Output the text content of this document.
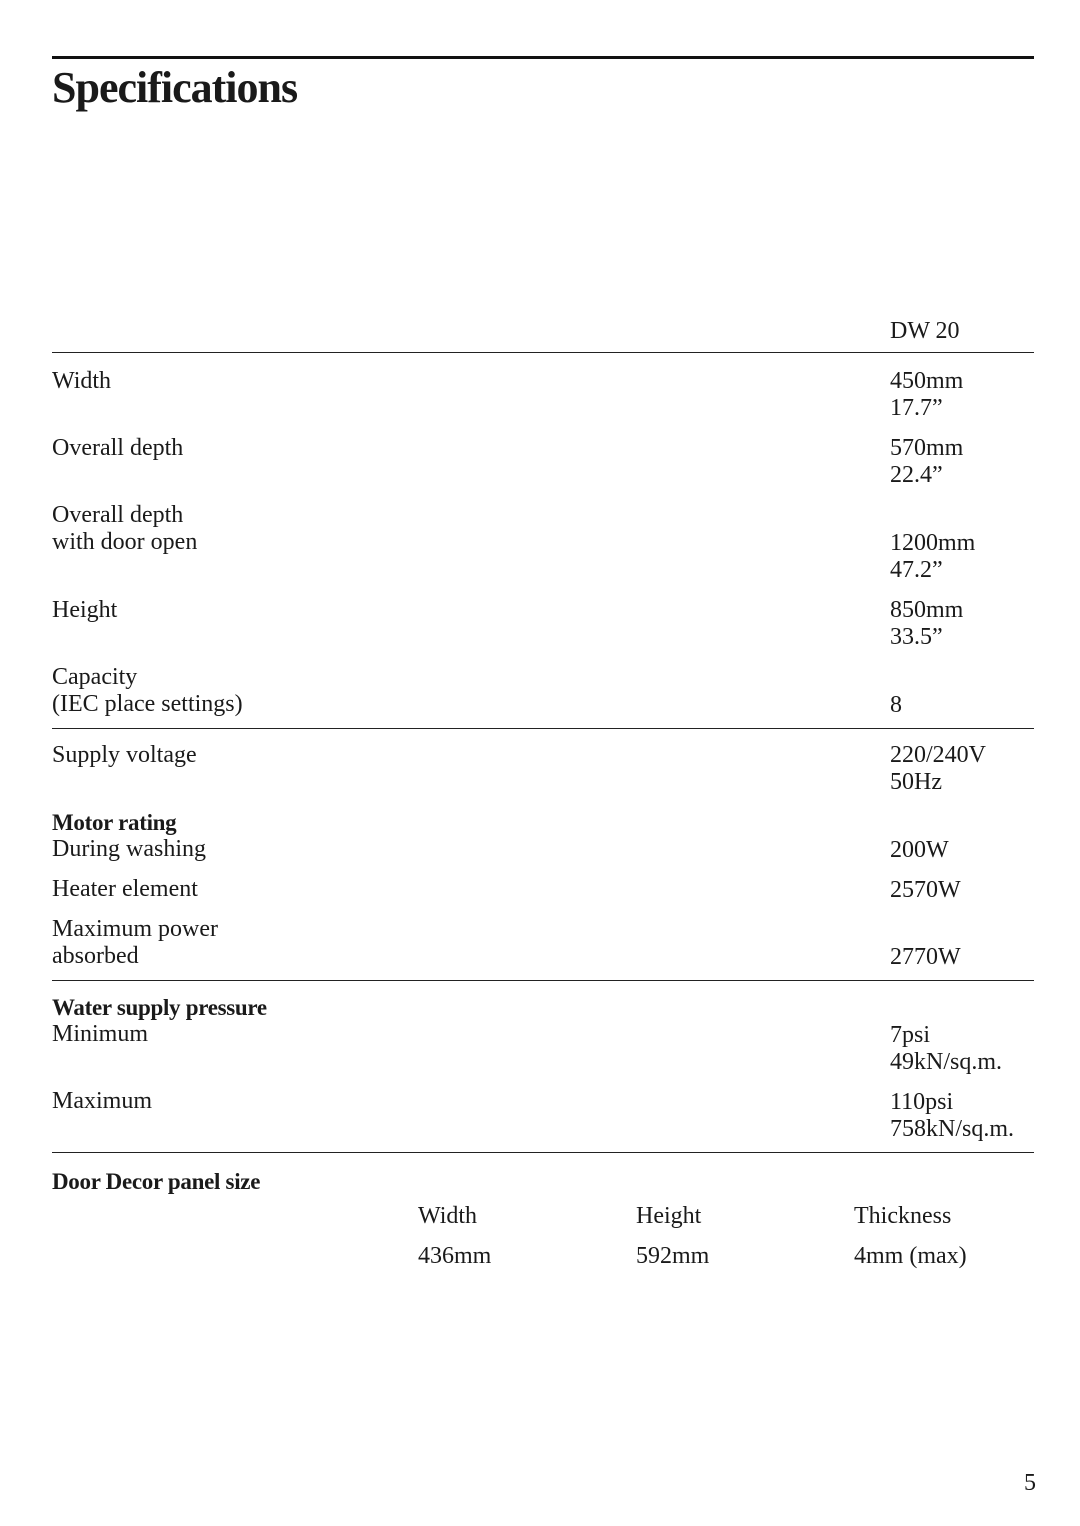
Specifications
DW 20
Width	450mm
17.7”
Overall depth	570mm
22.4”
Overall depth
with door open	1200mm
47.2”
Height	850mm
33.5”
Capacity
(IEC place settings)	8
Supply voltage	220/240V
50Hz
Motor rating
During washing	200W
Heater element	2570W
Maximum power
absorbed	2770W
Water supply pressure
Minimum	7psi
49kN/sq.m.
Maximum	110psi
758kN/sq.m.
Door Decor panel size
Width	Height	Thickness
436mm	592mm	4mm (max)
5
